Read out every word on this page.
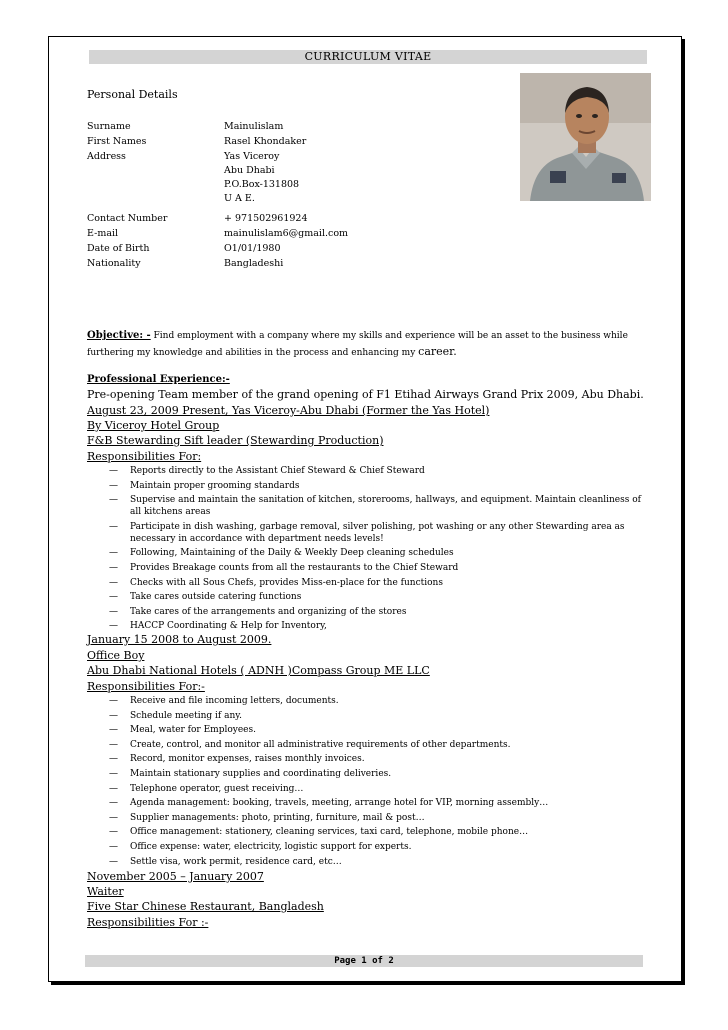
CURRICULUM VITAE
Personal Details
Surname	Mainulislam
First Names	Rasel Khondaker
Address	Yas Viceroy
Abu Dhabi
P.O.Box-131808
U A E.
Contact Number	+ 971502961924
E-mail	mainulislam6@gmail.com
Date of Birth	O1/01/1980
Nationality	Bangladeshi
Objective: - Find employment with a company where my skills and experience will be an asset to the business while furthering my knowledge and abilities in the process and enhancing my career.
Professional Experience:-
Pre-opening Team member of the grand opening of F1 Etihad Airways Grand Prix 2009, Abu Dhabi.
August 23, 2009 Present, Yas Viceroy-Abu Dhabi (Former the Yas Hotel)
By Viceroy Hotel Group
F&B Stewarding Sift leader (Stewarding Production)
Responsibilities For:
— Reports directly to the Assistant Chief Steward & Chief Steward
— Maintain proper grooming standards
— Supervise and maintain the sanitation of kitchen, storerooms, hallways, and equipment. Maintain cleanliness of all kitchens areas
— Participate in dish washing, garbage removal, silver polishing, pot washing or any other Stewarding area as necessary in accordance with department needs levels!
— Following, Maintaining of the Daily & Weekly Deep cleaning schedules
— Provides Breakage counts from all the restaurants to the Chief Steward
— Checks with all Sous Chefs, provides Miss-en-place for the functions
— Take cares outside catering functions
— Take cares of the arrangements and organizing of the stores
— HACCP Coordinating & Help for Inventory,
January 15 2008 to August 2009.
Office Boy
Abu Dhabi National Hotels ( ADNH )Compass Group ME LLC
Responsibilities For:-
— Receive and file incoming letters, documents.
— Schedule meeting if any.
— Meal, water for Employees.
— Create, control, and monitor all administrative requirements of other departments.
— Record, monitor expenses, raises monthly invoices.
— Maintain stationary supplies and coordinating deliveries.
— Telephone operator, guest receiving…
— Agenda management: booking, travels, meeting, arrange hotel for VIP, morning assembly…
— Supplier managements: photo, printing, furniture, mail & post…
— Office management: stationery, cleaning services, taxi card, telephone, mobile phone…
— Office expense: water, electricity, logistic support for experts.
— Settle visa, work permit, residence card, etc…
November 2005 – January 2007
Waiter
Five Star Chinese Restaurant, Bangladesh
Responsibilities For :-
Page 1 of 2
